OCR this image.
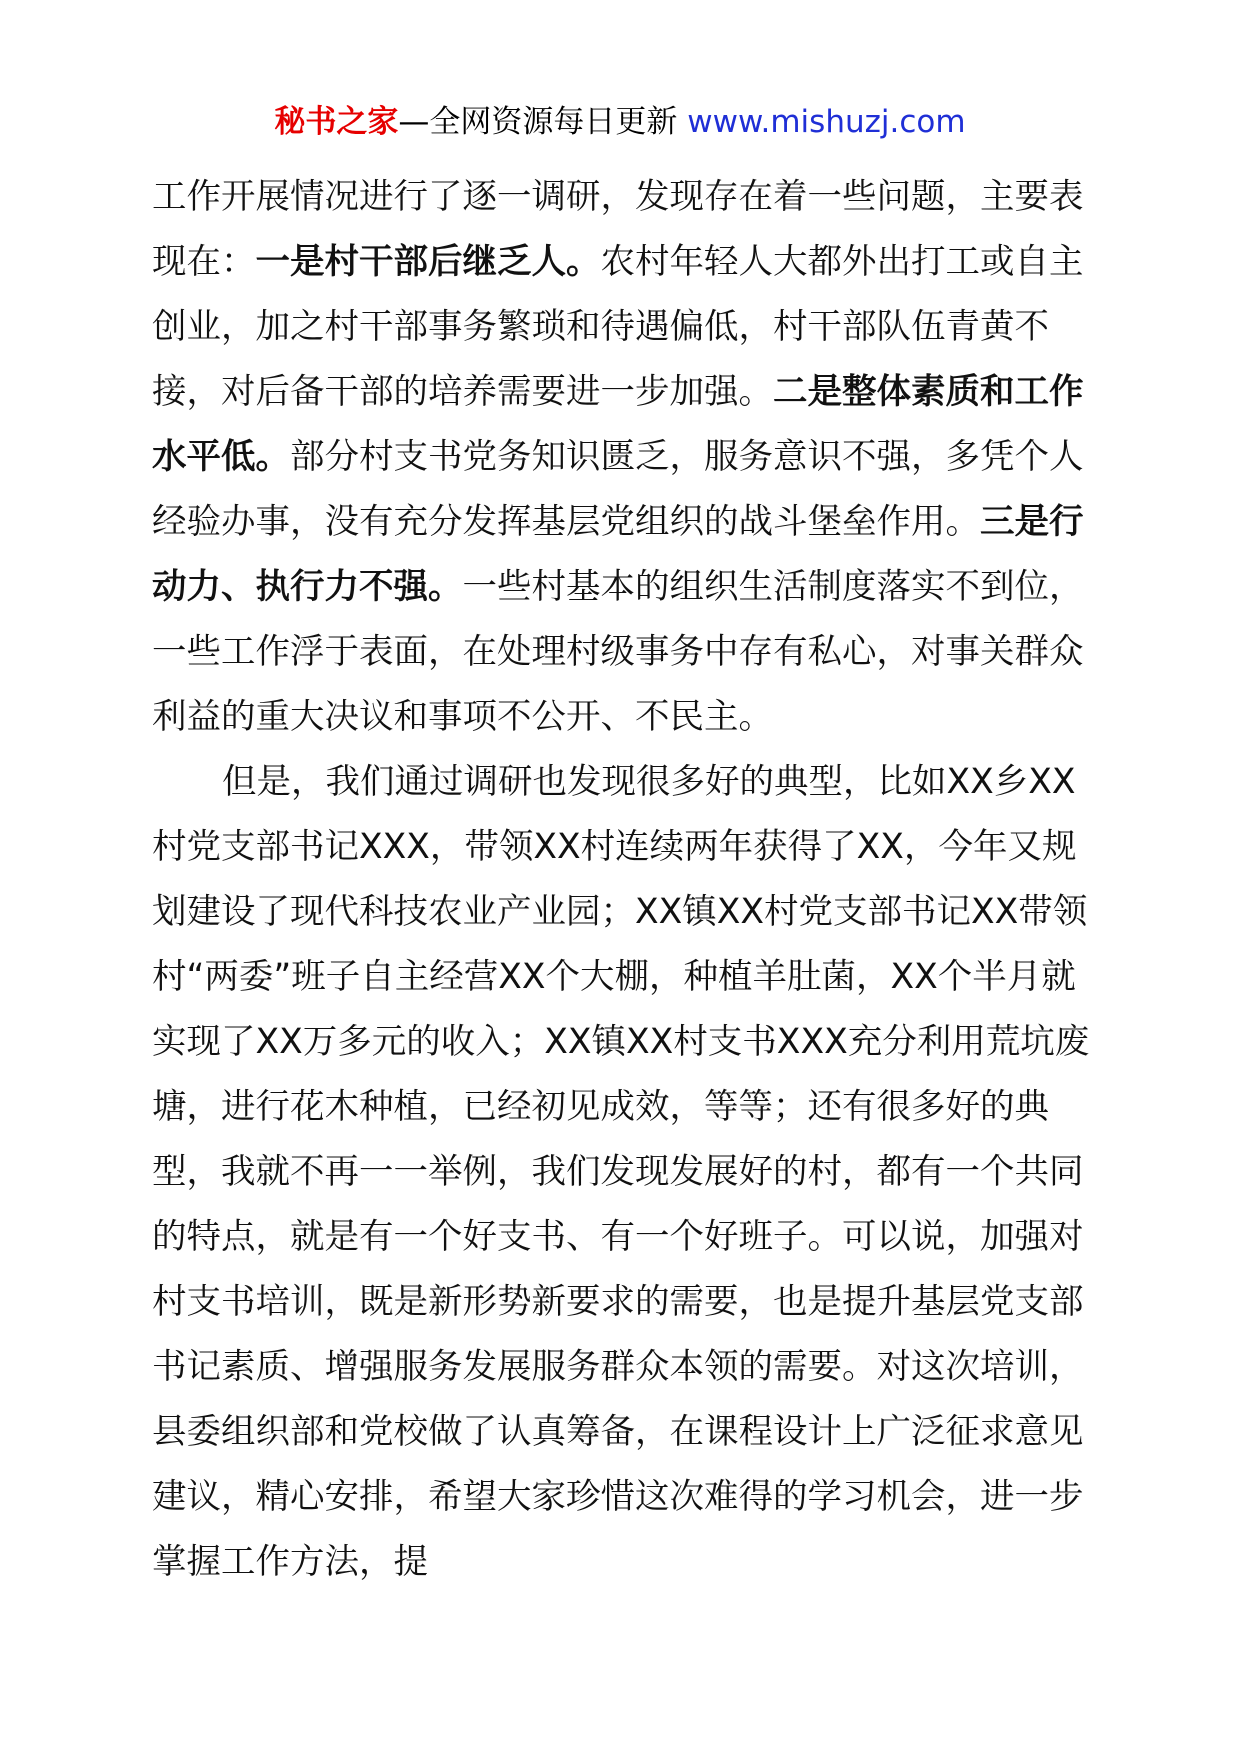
秘书之家—全网资源每日更新 www.mishuzj.com

工作开展情况进行了逐一调研，发现存在着一些问题，主要表现在：一是村干部后继乏人。农村年轻人大都外出打工或自主创业，加之村干部事务繁琐和待遇偏低，村干部队伍青黄不接，对后备干部的培养需要进一步加强。二是整体素质和工作水平低。部分村支书党务知识匮乏，服务意识不强，多凭个人经验办事，没有充分发挥基层党组织的战斗堡垒作用。三是行动力、执行力不强。一些村基本的组织生活制度落实不到位，一些工作浮于表面，在处理村级事务中存有私心，对事关群众利益的重大决议和事项不公开、不民主。

但是，我们通过调研也发现很多好的典型，比如XX乡XX村党支部书记XXX，带领XX村连续两年获得了XX，今年又规划建设了现代科技农业产业园；XX镇XX村党支部书记XX带领村“两委”班子自主经营XX个大棚，种植羊肚菌，XX个半月就实现了XX万多元的收入；XX镇XX村支书XXX充分利用荒坑废塘，进行花木种植，已经初见成效，等等；还有很多好的典型，我就不再一一举例，我们发现发展好的村，都有一个共同的特点，就是有一个好支书、有一个好班子。可以说，加强对村支书培训，既是新形势新要求的需要，也是提升基层党支部书记素质、增强服务发展服务群众本领的需要。对这次培训，县委组织部和党校做了认真筹备，在课程设计上广泛征求意见建议，精心安排，希望大家珍惜这次难得的学习机会，进一步掌握工作方法，提
